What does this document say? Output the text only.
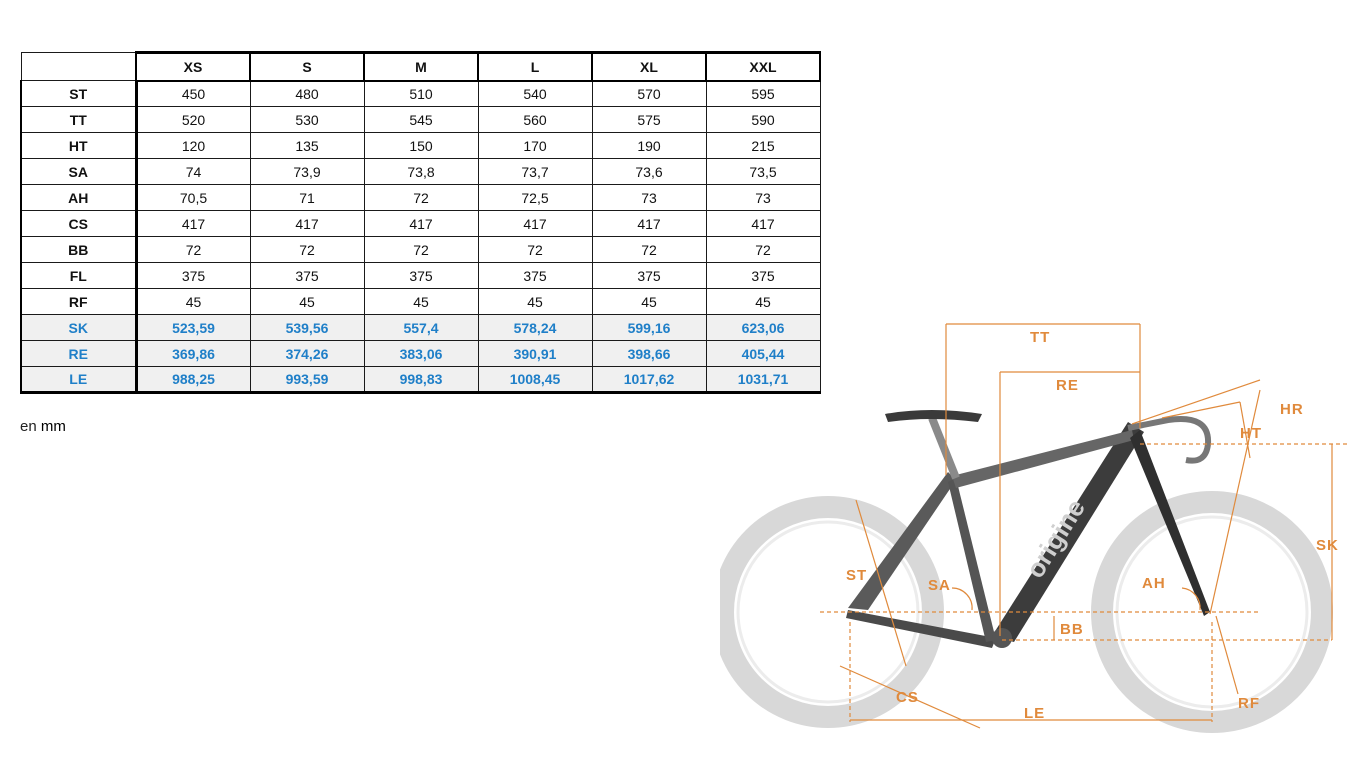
	XS	S	M	L	XL	XXL
ST	450	480	510	540	570	595
TT	520	530	545	560	575	590
HT	120	135	150	170	190	215
SA	74	73,9	73,8	73,7	73,6	73,5
AH	70,5	71	72	72,5	73	73
CS	417	417	417	417	417	417
BB	72	72	72	72	72	72
FL	375	375	375	375	375	375
RF	45	45	45	45	45	45
SK	523,59	539,56	557,4	578,24	599,16	623,06
RE	369,86	374,26	383,06	390,91	398,66	405,44
LE	988,25	993,59	998,83	1008,45	1017,62	1031,71
en mm
origine
TT
RE
HR
HT
SK
ST
SA	AH
BB
CS
LE
RF
